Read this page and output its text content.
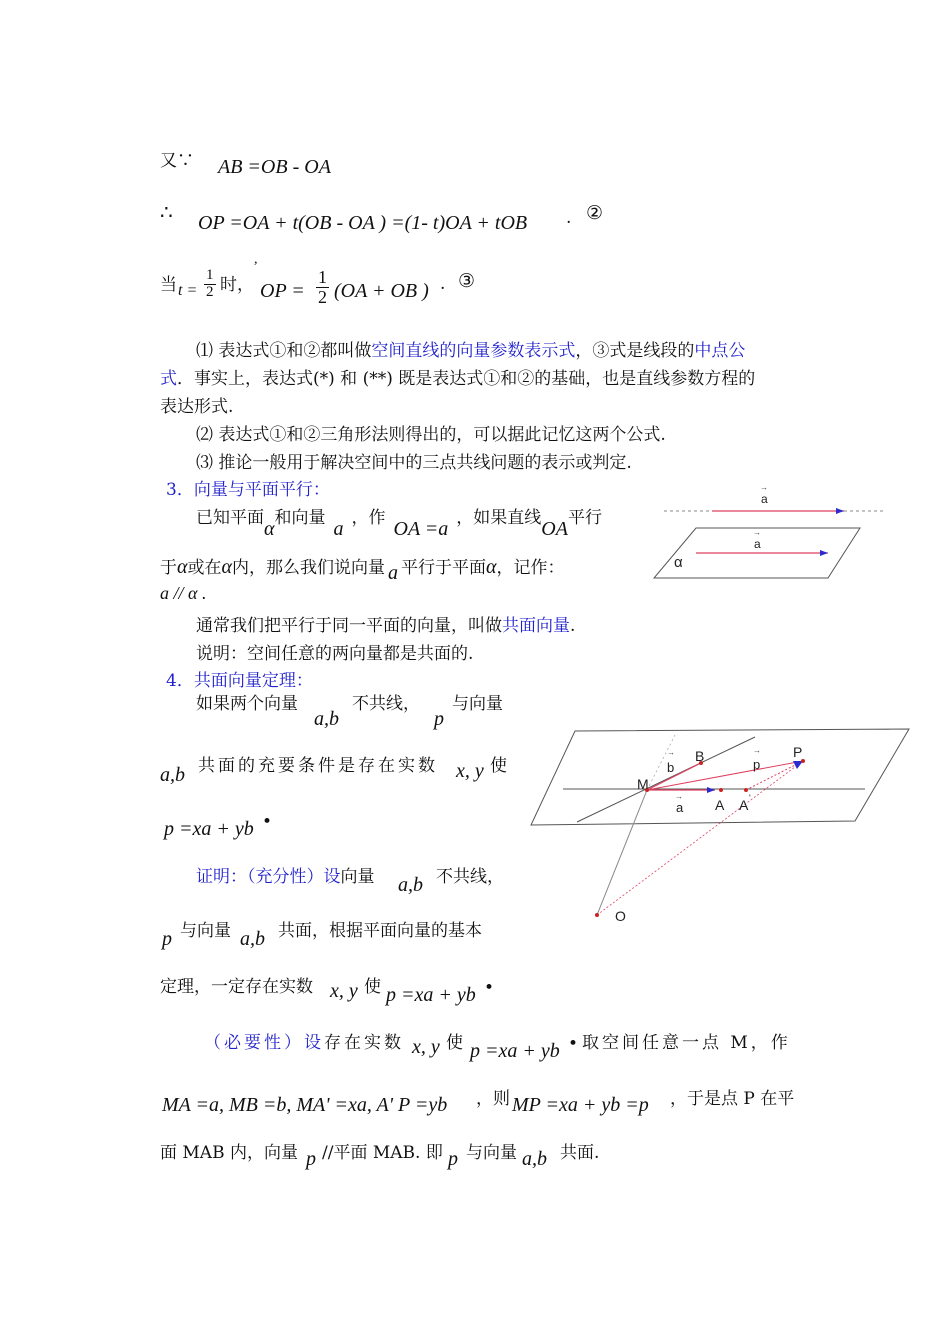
又∵ AB =OB - OA
∴ OP =OA + t(OB - OA ) =(1- t)OA + tOB . ②
当 $t = \frac{1}{2}$ 时，
,
OP = $\frac{1}{2} (OA$ + OB ) . ③
⑴ 表达式①和②都叫做空间直线的向量参数表示式，③式是线段的中点公
式．事实上，表达式(*) 和 (**) 既是表达式①和②的基础，也是直线参数方程的
表达形式.
⑵ 表达式①和②三角形法则得出的，可以据此记忆这两个公式.
⑶ 推论一般用于解决空间中的三点共线问题的表示或判定.
3．向量与平面平行：
已知平面α和向量 a ，作 OA =a ，如果直线OA平行
于α或在α内，那么我们说向量 a 平行于平面α，记作：
a // α .
通常我们把平行于同一平面的向量，叫做共面向量.
说明：空间任意的两向量都是共面的.
4．共面向量定理：
如果两个向量
a,b
不共线，
p
与向量
a,b 共面的充要条件是存在实数 x, y 使
p =xa + yb •
证明：（充分性）设向量 a,b 不共线，
p 与向量 a,b 共面，根据平面向量的基本
定理，一定存在实数 x, y 使 p =xa + yb •
（必要性）设存在实数 x, y 使 p =xa + yb • 取空间任意一点 M，作
MA =a, MB =b, MA' =xa, A' P =yb ，则 MP =xa + yb =p ，于是点 P 在平
面 MAB 内，向量 p //平面 MAB. 即 p 与向量 a,b 共面.
→
a
→
a
α
B	P
M
A A '
O
→
b
→
p
→
a
